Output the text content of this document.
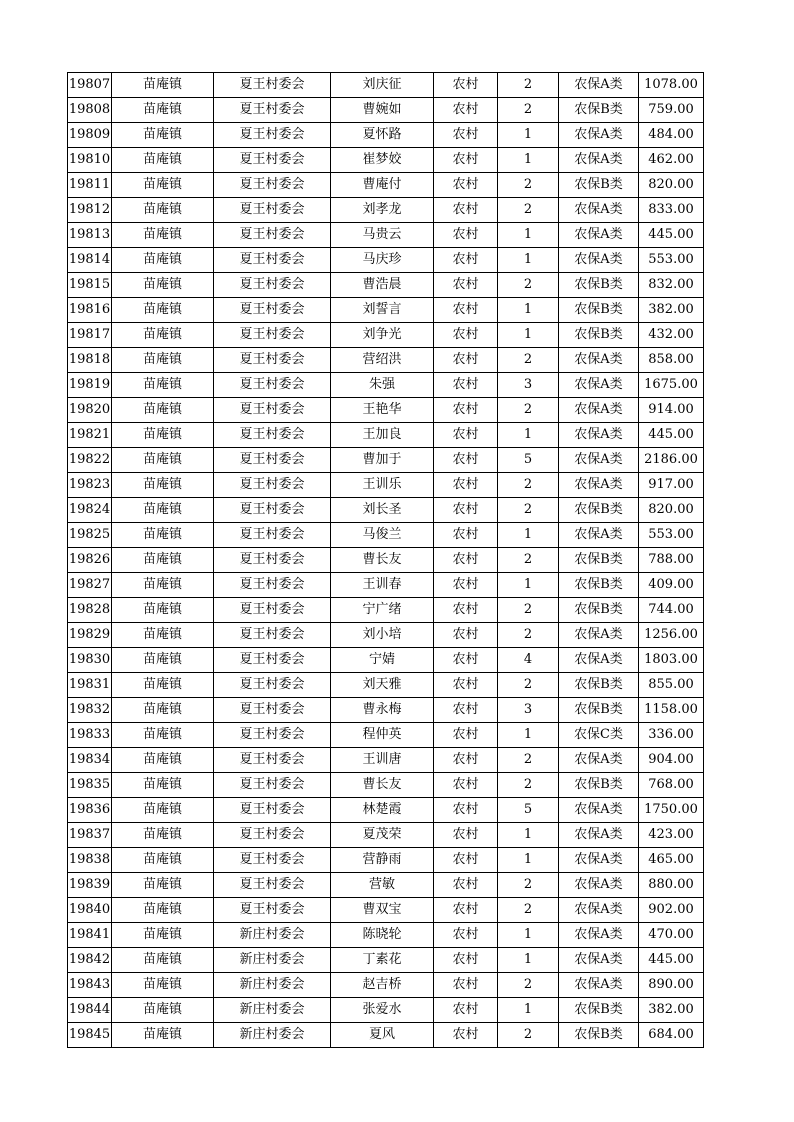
19807	苗庵镇	夏王村委会	刘庆征	农村	2	农保A类	1078.00
19808	苗庵镇	夏王村委会	曹婉如	农村	2	农保B类	759.00
19809	苗庵镇	夏王村委会	夏怀路	农村	1	农保A类	484.00
19810	苗庵镇	夏王村委会	崔梦姣	农村	1	农保A类	462.00
19811	苗庵镇	夏王村委会	曹庵付	农村	2	农保B类	820.00
19812	苗庵镇	夏王村委会	刘孝龙	农村	2	农保A类	833.00
19813	苗庵镇	夏王村委会	马贵云	农村	1	农保A类	445.00
19814	苗庵镇	夏王村委会	马庆珍	农村	1	农保A类	553.00
19815	苗庵镇	夏王村委会	曹浩晨	农村	2	农保B类	832.00
19816	苗庵镇	夏王村委会	刘誓言	农村	1	农保B类	382.00
19817	苗庵镇	夏王村委会	刘争光	农村	1	农保B类	432.00
19818	苗庵镇	夏王村委会	营绍洪	农村	2	农保A类	858.00
19819	苗庵镇	夏王村委会	朱强	农村	3	农保A类	1675.00
19820	苗庵镇	夏王村委会	王艳华	农村	2	农保A类	914.00
19821	苗庵镇	夏王村委会	王加良	农村	1	农保A类	445.00
19822	苗庵镇	夏王村委会	曹加于	农村	5	农保A类	2186.00
19823	苗庵镇	夏王村委会	王训乐	农村	2	农保A类	917.00
19824	苗庵镇	夏王村委会	刘长圣	农村	2	农保B类	820.00
19825	苗庵镇	夏王村委会	马俊兰	农村	1	农保A类	553.00
19826	苗庵镇	夏王村委会	曹长友	农村	2	农保B类	788.00
19827	苗庵镇	夏王村委会	王训春	农村	1	农保B类	409.00
19828	苗庵镇	夏王村委会	宁广绪	农村	2	农保B类	744.00
19829	苗庵镇	夏王村委会	刘小培	农村	2	农保A类	1256.00
19830	苗庵镇	夏王村委会	宁婧	农村	4	农保A类	1803.00
19831	苗庵镇	夏王村委会	刘天雅	农村	2	农保B类	855.00
19832	苗庵镇	夏王村委会	曹永梅	农村	3	农保B类	1158.00
19833	苗庵镇	夏王村委会	程仲英	农村	1	农保C类	336.00
19834	苗庵镇	夏王村委会	王训唐	农村	2	农保A类	904.00
19835	苗庵镇	夏王村委会	曹长友	农村	2	农保B类	768.00
19836	苗庵镇	夏王村委会	林楚霞	农村	5	农保A类	1750.00
19837	苗庵镇	夏王村委会	夏茂荣	农村	1	农保A类	423.00
19838	苗庵镇	夏王村委会	营静雨	农村	1	农保A类	465.00
19839	苗庵镇	夏王村委会	营敏	农村	2	农保A类	880.00
19840	苗庵镇	夏王村委会	曹双宝	农村	2	农保A类	902.00
19841	苗庵镇	新庄村委会	陈晓轮	农村	1	农保A类	470.00
19842	苗庵镇	新庄村委会	丁素花	农村	1	农保A类	445.00
19843	苗庵镇	新庄村委会	赵吉桥	农村	2	农保A类	890.00
19844	苗庵镇	新庄村委会	张爱水	农村	1	农保B类	382.00
19845	苗庵镇	新庄村委会	夏风	农村	2	农保B类	684.00
